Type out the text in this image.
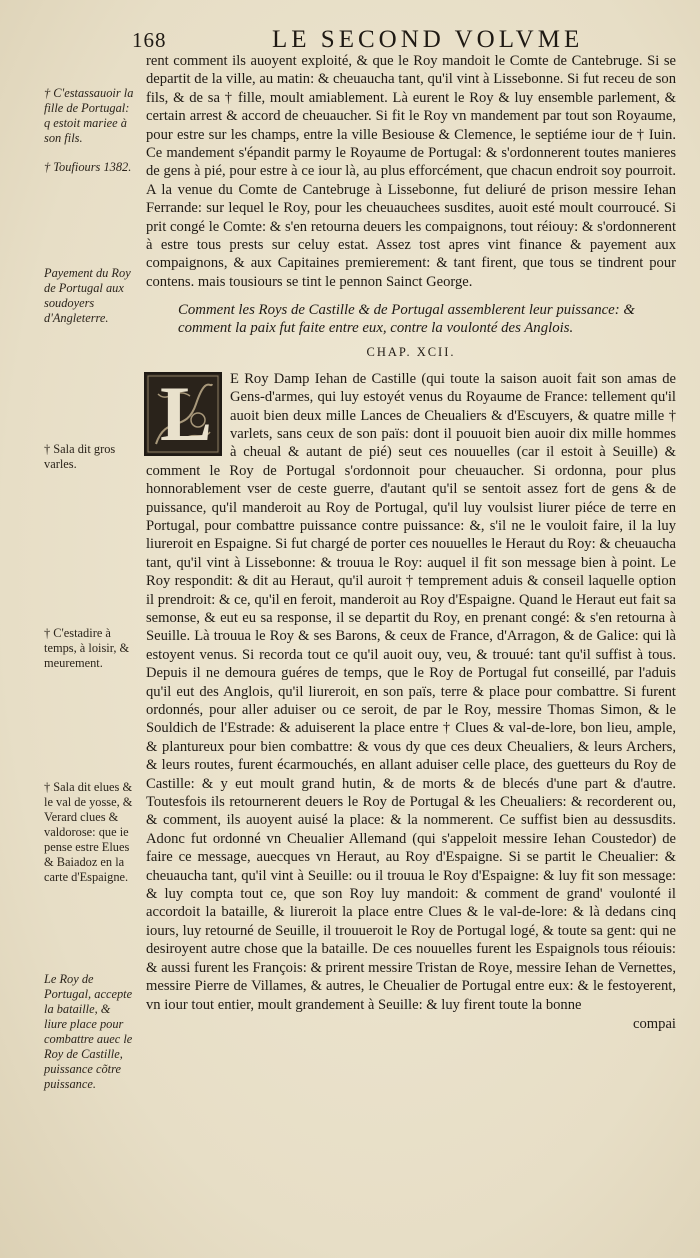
168	LE SECOND VOLVME
† C'estassauoir la fille de Portugal: q estoit mariee à son fils.
† Toufiours 1382.
Payement du Roy de Portugal aux soudoyers d'Angleterre.
† Sala dit gros varles.
† C'estadire à temps, à loisir, & meurement.
† Sala dit elues & le val de yosse, & Verard clues & valdorose: que ie pense estre Elues & Baiadoz en la carte d'Espaigne.
Le Roy de Portugal, accepte la bataille, & liure place pour combattre auec le Roy de Castille, puissance cõtre puissance.

rent comment ils auoyent exploité, & que le Roy mandoit le Comte de Cantebruge. Si se departit de la ville, au matin: & cheuaucha tant, qu'il vint à Lissebonne. Si fut receu de son fils, & de sa † fille, moult amiablement. Là eurent le Roy & luy ensemble parlement, & certain arrest & accord de cheuaucher. Si fit le Roy vn mandement par tout son Royaume, pour estre sur les champs, entre la ville Besiouse & Clemence, le septiéme iour de † Iuin. Ce mandement s'épandit parmy le Royaume de Portugal: & s'ordonnerent toutes manieres de gens à pié, pour estre à ce iour là, au plus efforcément, que chacun endroit soy pourroit. A la venue du Comte de Cantebruge à Lissebonne, fut deliuré de prison messire Iehan Ferrande: sur lequel le Roy, pour les cheuauchees susdites, auoit esté moult courroucé. Si prit congé le Comte: & s'en retourna deuers les compaignons, tout réiouy: & s'ordonnerent à estre tous prests sur celuy estat. Assez tost apres vint finance & payement aux compaignons, & aux Capitaines premierement: & tant firent, que tous se tindrent pour contens. mais tousiours se tint le pennon Sainct George.

Comment les Roys de Castille & de Portugal assemblerent leur puissance: & comment la paix fut faite entre eux, contre la voulonté des Anglois.

CHAP. XCII.
L	E Roy Damp Iehan de Castille (qui toute la saison auoit fait son amas de Gens-d'armes, qui luy estoyét venus du Royaume de France: tellement qu'il auoit bien deux mille Lances de Cheualiers & d'Escuyers, & quatre mille † varlets, sans ceux de son païs: dont il pouuoit bien auoir dix mille hommes à cheual & autant de pié) seut ces nouuelles (car il estoit à Seuille) & comment le Roy de Portugal s'ordonnoit pour cheuaucher. Si ordonna, pour plus honnorablement vser de ceste guerre, d'autant qu'il se sentoit assez fort de gens & de puissance, qu'il manderoit au Roy de Portugal, qu'il luy voulsist liurer piéce de terre en Portugal, pour combattre puissance contre puissance: &, s'il ne le vouloit faire, il la luy liureroit en Espaigne. Si fut chargé de porter ces nouuelles le Heraut du Roy: & cheuaucha tant, qu'il vint à Lissebonne: & trouua le Roy: auquel il fit son message bien à point. Le Roy respondit: & dit au Heraut, qu'il auroit † temprement aduis & conseil laquelle option il prendroit: & ce, qu'il en feroit, manderoit au Roy d'Espaigne. Quand le Heraut eut fait sa semonse, & eut eu sa response, il se departit du Roy, en prenant congé: & s'en retourna à Seuille. Là trouua le Roy & ses Barons, & ceux de France, d'Arragon, & de Galice: qui là estoyent venus. Si recorda tout ce qu'il auoit ouy, veu, & trouué: tant qu'il suffist à tous. Depuis il ne demoura guéres de temps, que le Roy de Portugal fut conseillé, par l'aduis qu'il eut des Anglois, qu'il liureroit, en son païs, terre & place pour combattre. Si furent ordonnés, pour aller aduiser ou ce seroit, de par le Roy, messire Thomas Simon, & le Souldich de l'Estrade: & aduiserent la place entre † Clues & val-de-lore, bon lieu, ample, & plantureux pour bien combattre: & vous dy que ces deux Cheualiers, & leurs Archers, & leurs routes, furent écarmouchés, en allant aduiser celle place, des guetteurs du Roy de Castille: & y eut moult grand hutin, & de morts & de blecés d'une part & d'autre. Toutesfois ils retournerent deuers le Roy de Portugal & les Cheualiers: & recorderent ou, & comment, ils auoyent auisé la place: & la nommerent. Ce suffist bien au dessusdits. Adonc fut ordonné vn Cheualier Allemand (qui s'appeloit messire Iehan Coustedor) de faire ce message, auecques vn Heraut, au Roy d'Espaigne. Si se partit le Cheualier: & cheuaucha tant, qu'il vint à Seuille: ou il trouua le Roy d'Espaigne: & luy fit son message: & luy compta tout ce, que son Roy luy mandoit: & comment de grand' voulonté il accordoit la bataille, & liureroit la place entre Clues & le val-de-lore: & là dedans cinq iours, luy retourné de Seuille, il trouueroit le Roy de Portugal logé, & toute sa gent: qui ne desiroyent autre chose que la bataille. De ces nouuelles furent les Espaignols tous réiouis: & aussi furent les François: & prirent messire Tristan de Roye, messire Iehan de Vernettes, messire Pierre de Villames, & autres, le Cheualier de Portugal entre eux: & le festoyerent, vn iour tout entier, moult grandement à Seuille: & luy firent toute la bonne

compai
